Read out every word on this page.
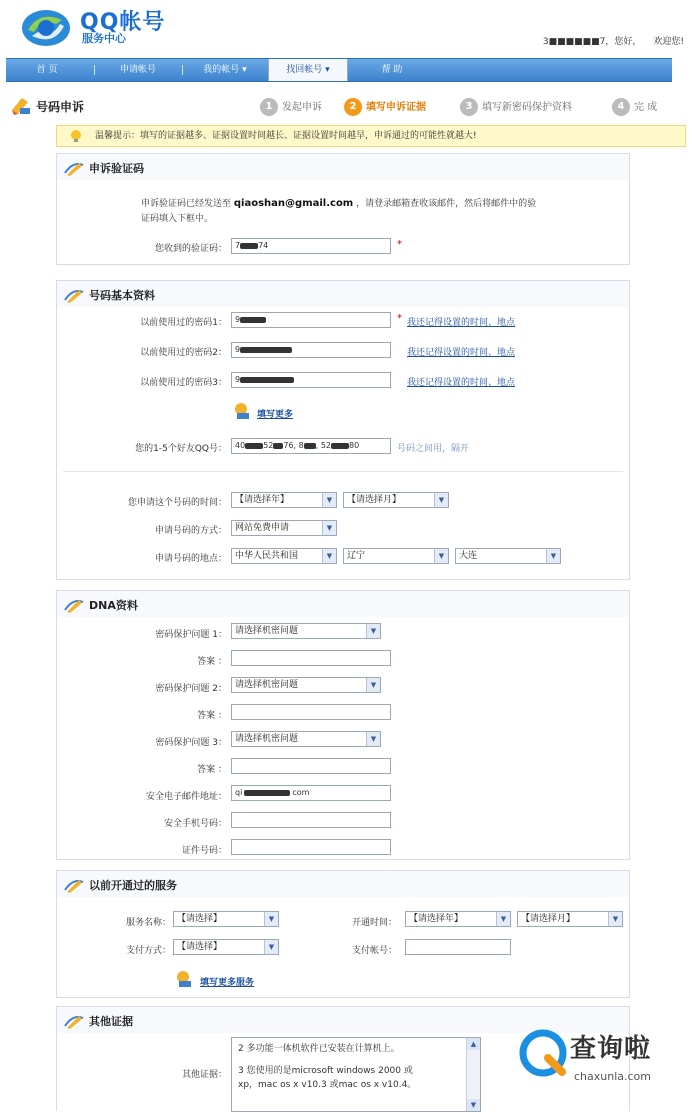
QQ帐号
服务中心	3■■■■■■7，您好， 欢迎您!
首 页	申请帐号	我的帐号 ▾	找回帐号 ▾	帮 助
号码申诉	1 发起申诉	2 填写申诉证据	3 填写新密码保护资料	4 完 成
温馨提示：填写的证据越多、证据设置时间越长、证据设置时间越早，申诉通过的可能性就越大!
申诉验证码
申诉验证码已经发送至 qiaoshan@gmail.com ，请登录邮箱查收该邮件，然后将邮件中的验
证码填入下框中。
您收到的验证码：	7 74	*
号码基本资料
以前使用过的密码1：	9	* 我还记得设置的时间、地点
以前使用过的密码2：	9	我还记得设置的时间、地点
以前使用过的密码3：	9	我还记得设置的时间、地点
填写更多
您的1-5个好友QQ号：	40 52 76, 8 , 52 80	号码之间用，隔开
您申请这个号码的时间： 【请选择年】	▼	【请选择月】	▼
申请号码的方式： 网站免费申请	▼
申请号码的地点： 中华人民共和国	▼	辽宁	▼	大连	▼
DNA资料
密码保护问题 1： 请选择机密问题	▼
答案 ：
密码保护问题 2： 请选择机密问题	▼
答案 ：
密码保护问题 3： 请选择机密问题	▼
答案 ：
安全电子邮件地址：	qi	com
安全手机号码：
证件号码：
以前开通过的服务
服务名称： 【请选择】	▼	开通时间：	【请选择年】	▼	【请选择月】	▼
支付方式： 【请选择】	▼	支付帐号：
填写更多服务
其他证据
其他证据：
2 多功能一体机软件已安装在计算机上。
3 您使用的是microsoft windows 2000 或
xp，mac os x v10.3 或mac os x v10.4。
▲
▼
查询啦
chaxunla.com
